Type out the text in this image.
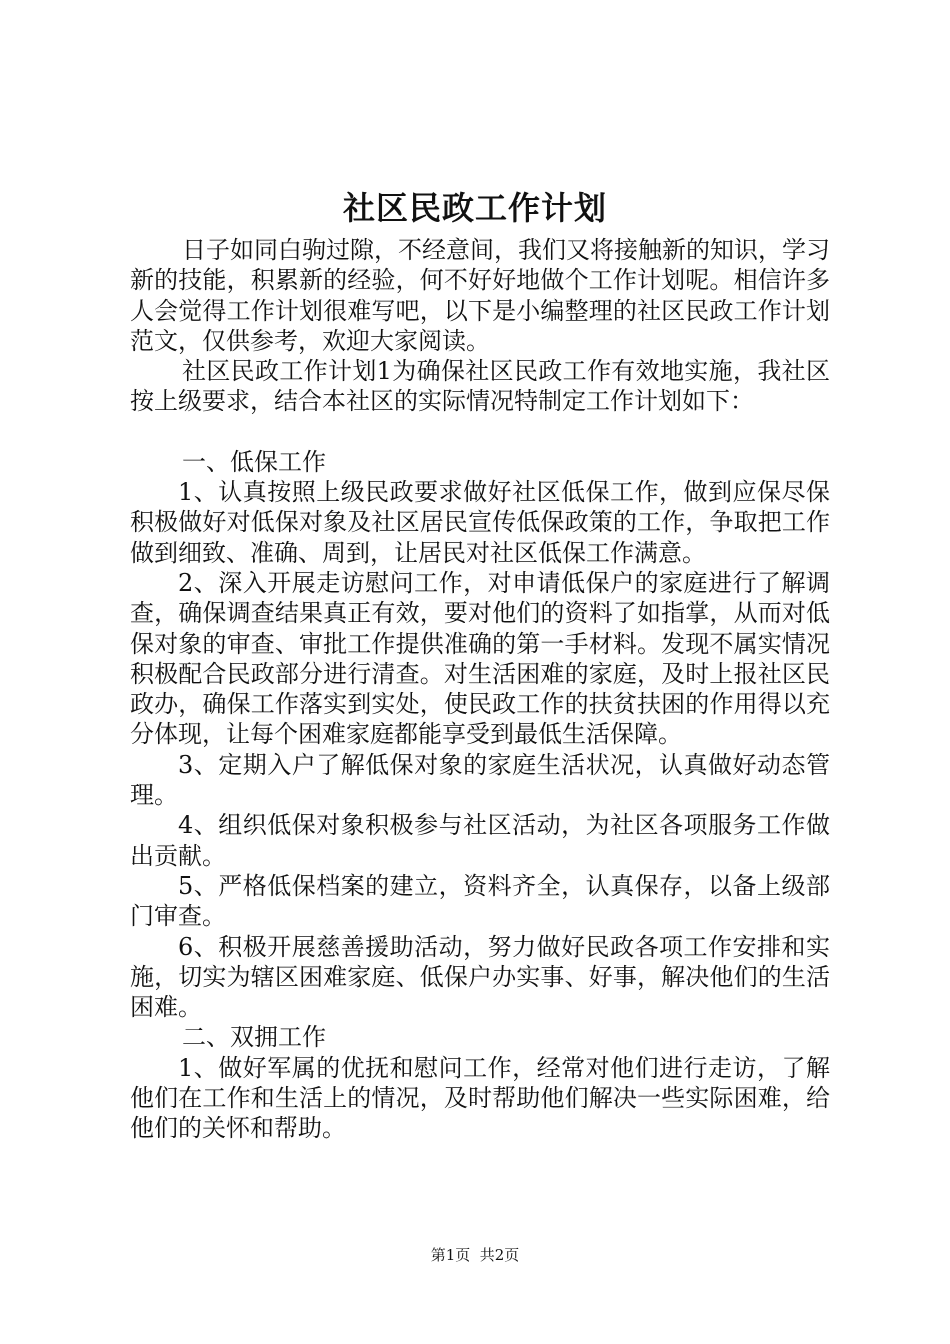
社区民政工作计划

日子如同白驹过隙，不经意间，我们又将接触新的知识，学习新的技能，积累新的经验，何不好好地做个工作计划呢。相信许多人会觉得工作计划很难写吧，以下是小编整理的社区民政工作计划范文，仅供参考，欢迎大家阅读。

社区民政工作计划1为确保社区民政工作有效地实施，我社区按上级要求，结合本社区的实际情况特制定工作计划如下：

一、低保工作

1、认真按照上级民政要求做好社区低保工作，做到应保尽保积极做好对低保对象及社区居民宣传低保政策的工作，争取把工作做到细致、准确、周到，让居民对社区低保工作满意。

2、深入开展走访慰问工作，对申请低保户的家庭进行了解调查，确保调查结果真正有效，要对他们的资料了如指掌，从而对低保对象的审查、审批工作提供准确的第一手材料。发现不属实情况积极配合民政部分进行清查。对生活困难的家庭，及时上报社区民政办，确保工作落实到实处，使民政工作的扶贫扶困的作用得以充分体现，让每个困难家庭都能享受到最低生活保障。

3、定期入户了解低保对象的家庭生活状况，认真做好动态管理。

4、组织低保对象积极参与社区活动，为社区各项服务工作做出贡献。

5、严格低保档案的建立，资料齐全，认真保存，以备上级部门审查。

6、积极开展慈善援助活动，努力做好民政各项工作安排和实施，切实为辖区困难家庭、低保户办实事、好事，解决他们的生活困难。

二、双拥工作

1、做好军属的优抚和慰问工作，经常对他们进行走访，了解他们在工作和生活上的情况，及时帮助他们解决一些实际困难，给他们的关怀和帮助。

第1页  共2页
